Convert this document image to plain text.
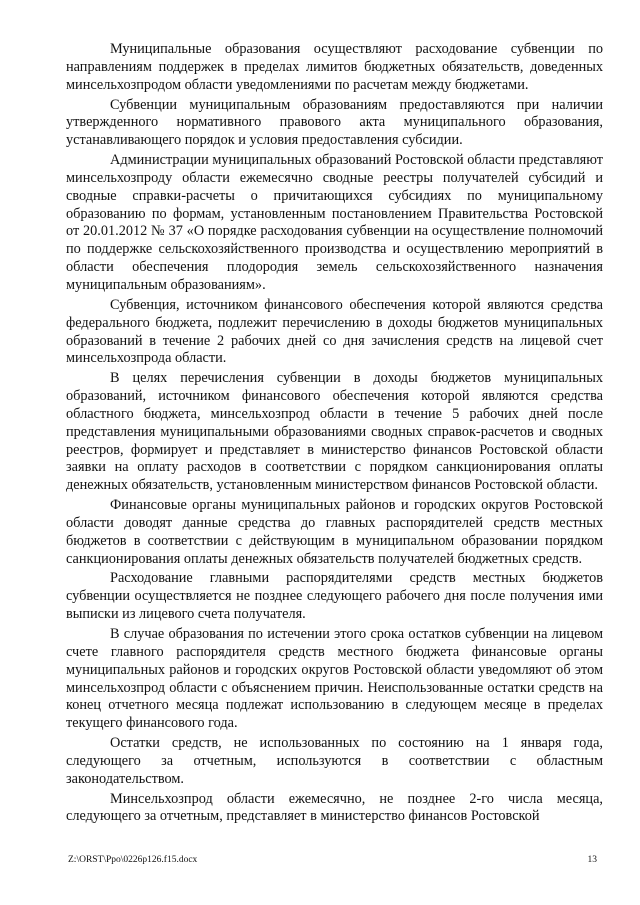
Муниципальные образования осуществляют расходование субвенции по направлениям поддержек в пределах лимитов бюджетных обязательств, доведенных минсельхозпродом области уведомлениями по расчетам между бюджетами.

Субвенции муниципальным образованиям предоставляются при наличии утвержденного нормативного правового акта муниципального образования, устанавливающего порядок и условия предоставления субсидии.

Администрации муниципальных образований Ростовской области представляют минсельхозпроду области ежемесячно сводные реестры получателей субсидий и сводные справки-расчеты о причитающихся субсидиях по муниципальному образованию по формам, установленным постановлением Правительства Ростовской от 20.01.2012 № 37 «О порядке расходования субвенции на осуществление полномочий по поддержке сельскохозяйственного производства и осуществлению мероприятий в области обеспечения плодородия земель сельскохозяйственного назначения муниципальным образованиям».

Субвенция, источником финансового обеспечения которой являются средства федерального бюджета, подлежит перечислению в доходы бюджетов муниципальных образований в течение 2 рабочих дней со дня зачисления средств на лицевой счет минсельхозпрода области.

В целях перечисления субвенции в доходы бюджетов муниципальных образований, источником финансового обеспечения которой являются средства областного бюджета, минсельхозпрод области в течение 5 рабочих дней после представления муниципальными образованиями сводных справок-расчетов и сводных реестров, формирует и представляет в министерство финансов Ростовской области заявки на оплату расходов в соответствии с порядком санкционирования оплаты денежных обязательств, установленным министерством финансов Ростовской области.

Финансовые органы муниципальных районов и городских округов Ростовской области доводят данные средства до главных распорядителей средств местных бюджетов в соответствии с действующим в муниципальном образовании порядком санкционирования оплаты денежных обязательств получателей бюджетных средств.

Расходование главными распорядителями средств местных бюджетов субвенции осуществляется не позднее следующего рабочего дня после получения ими выписки из лицевого счета получателя.

В случае образования по истечении этого срока остатков субвенции на лицевом счете главного распорядителя средств местного бюджета финансовые органы муниципальных районов и городских округов Ростовской области уведомляют об этом минсельхозпрод области с объяснением причин. Неиспользованные остатки средств на конец отчетного месяца подлежат использованию в следующем месяце в пределах текущего финансового года.

Остатки средств, не использованных по состоянию на 1 января года, следующего за отчетным, используются в соответствии с областным законодательством.

Минсельхозпрод области ежемесячно, не позднее 2-го числа месяца, следующего за отчетным, представляет в министерство финансов Ростовской

Z:\ORST\Ppo\0226p126.f15.docx	13
